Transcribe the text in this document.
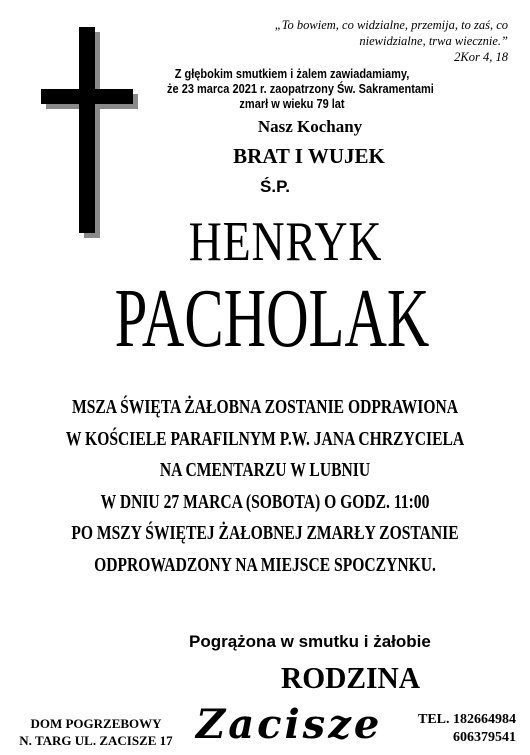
„To bowiem, co widzialne, przemija, to zaś, co
niewidzialne, trwa wiecznie.”
2Kor 4, 18
Z głębokim smutkiem i żalem zawiadamiamy,
że 23 marca 2021 r. zaopatrzony Św. Sakramentami
zmarł w wieku 79 lat
Nasz Kochany
BRAT I WUJEK
Ś.P.
HENRYK
PACHOLAK
MSZA ŚWIĘTA ŻAŁOBNA ZOSTANIE ODPRAWIONA
W KOŚCIELE PARAFILNYM P.W. JANA CHRZYCIELA
NA CMENTARZU W LUBNIU
W DNIU 27 MARCA (SOBOTA) O GODZ. 11:00
PO MSZY ŚWIĘTEJ ŻAŁOBNEJ ZMARŁY ZOSTANIE
ODPROWADZONY NA MIEJSCE SPOCZYNKU.
Pogrążona w smutku i żałobie
RODZINA
DOM POGRZEBOWY
N. TARG UL. ZACISZE 17 Zacisze	TEL. 182664984
606379541
